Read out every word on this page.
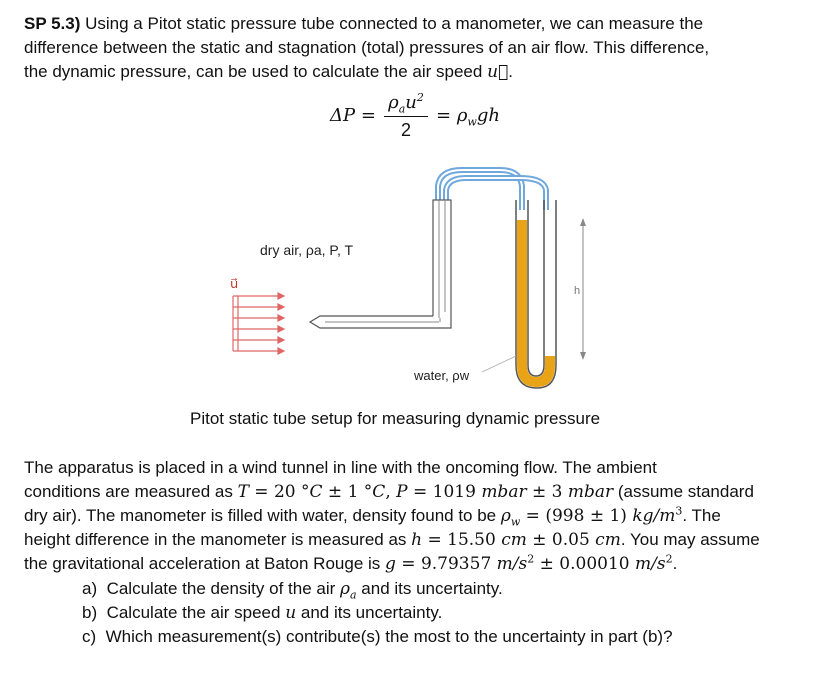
SP 5.3) Using a Pitot static pressure tube connected to a manometer, we can measure the
difference between the static and stagnation (total) pressures of an air flow. This difference,
the dynamic pressure, can be used to calculate the air speed u.
ΔP =
$\rho_au^2$
2
= $\rho_wgh$
h
dry air, ρa, P, T
water, ρw
u⃗
Pitot static tube setup for measuring dynamic pressure
The apparatus is placed in a wind tunnel in line with the oncoming flow. The ambient
conditions are measured as T = 20 °C ± 1 °C, P = 1019 mbar ± 3 mbar (assume standard
dry air). The manometer is filled with water, density found to be $\rho_w = (998 \pm 1)$ $kg/m^3$. The
height difference in the manometer is measured as h = 15.50 cm ± 0.05 cm. You may assume
the gravitational acceleration at Baton Rouge is g = 9.79357 $m/s^2 \pm 0.00010$ $m/s^2$.
a) Calculate the density of the air $\rho_a$ and its uncertainty.
b) Calculate the air speed u and its uncertainty.
c) Which measurement(s) contribute(s) the most to the uncertainty in part (b)?
